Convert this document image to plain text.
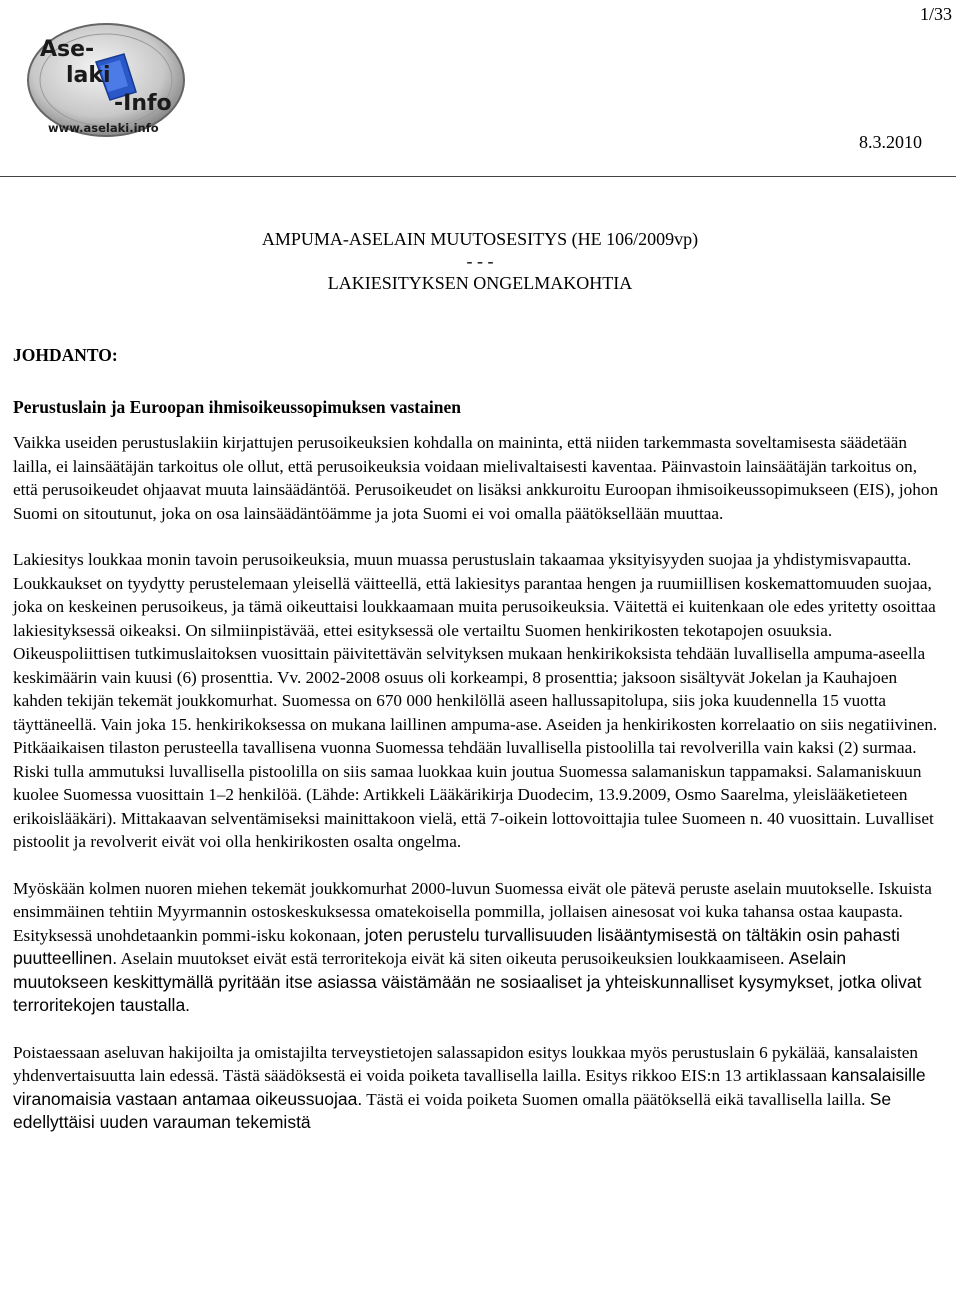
1/33
Ase-
laki
-Info
www.aselaki.info
8.3.2010
AMPUMA-ASELAIN MUUTOSESITYS (HE 106/2009vp)
- - -
LAKIESITYKSEN ONGELMAKOHTIA
JOHDANTO:
Perustuslain ja Euroopan ihmisoikeussopimuksen vastainen

Vaikka useiden perustuslakiin kirjattujen perusoikeuksien kohdalla on maininta, että niiden tarkemmasta soveltamisesta säädetään lailla, ei lainsäätäjän tarkoitus ole ollut, että perusoikeuksia voidaan mielivaltaisesti kaventaa. Päinvastoin lainsäätäjän tarkoitus on, että perusoikeudet ohjaavat muuta lainsäädäntöä. Perusoikeudet on lisäksi ankkuroitu Euroopan ihmisoikeussopimukseen (EIS), johon Suomi on sitoutunut, joka on osa lainsäädäntöämme ja jota Suomi ei voi omalla päätöksellään muuttaa.

Lakiesitys loukkaa monin tavoin perusoikeuksia, muun muassa perustuslain takaamaa yksityisyyden suojaa ja yhdistymisvapautta. Loukkaukset on tyydytty perustelemaan yleisellä väitteellä, että lakiesitys parantaa hengen ja ruumiillisen koskemattomuuden suojaa, joka on keskeinen perusoikeus, ja tämä oikeuttaisi loukkaamaan muita perusoikeuksia. Väitettä ei kuitenkaan ole edes yritetty osoittaa lakiesityksessä oikeaksi. On silmiinpistävää, ettei esityksessä ole vertailtu Suomen henkirikosten tekotapojen osuuksia. Oikeuspoliittisen tutkimuslaitoksen vuosittain päivitettävän selvityksen mukaan henkirikoksista tehdään luvallisella ampuma-aseella keskimäärin vain kuusi (6) prosenttia. Vv. 2002-2008 osuus oli korkeampi, 8 prosenttia; jaksoon sisältyvät Jokelan ja Kauhajoen kahden tekijän tekemät joukkomurhat. Suomessa on 670 000 henkilöllä aseen hallussapitolupa, siis joka kuudennella 15 vuotta täyttäneellä. Vain joka 15. henkirikoksessa on mukana laillinen ampuma-ase. Aseiden ja henkirikosten korrelaatio on siis negatiivinen. Pitkäaikaisen tilaston perusteella tavallisena vuonna Suomessa tehdään luvallisella pistoolilla tai revolverilla vain kaksi (2) surmaa. Riski tulla ammutuksi luvallisella pistoolilla on siis samaa luokkaa kuin joutua Suomessa salamaniskun tappamaksi. Salamaniskuun kuolee Suomessa vuosittain 1–2 henkilöä. (Lähde: Artikkeli Lääkärikirja Duodecim, 13.9.2009, Osmo Saarelma, yleislääketieteen erikoislääkäri). Mittakaavan selventämiseksi mainittakoon vielä, että 7-oikein lottovoittajia tulee Suomeen n. 40 vuosittain. Luvalliset pistoolit ja revolverit eivät voi olla henkirikosten osalta ongelma.

Myöskään kolmen nuoren miehen tekemät joukkomurhat 2000-luvun Suomessa eivät ole pätevä peruste aselain muutokselle. Iskuista ensimmäinen tehtiin Myyrmannin ostoskeskuksessa omatekoisella pommilla, jollaisen ainesosat voi kuka tahansa ostaa kaupasta. Esityksessä unohdetaankin pommi-isku kokonaan, joten perustelu turvallisuuden lisääntymisestä on tältäkin osin pahasti puutteellinen. Aselain muutokset eivät estä terroritekoja eivät kä siten oikeuta perusoikeuksien loukkaamiseen. Aselain muutokseen keskittymällä pyritään itse asiassa väistämään ne sosiaaliset ja yhteiskunnalliset kysymykset, jotka olivat terroritekojen taustalla.

Poistaessaan aseluvan hakijoilta ja omistajilta terveystietojen salassapidon esitys loukkaa myös perustuslain 6 pykälää, kansalaisten yhdenvertaisuutta lain edessä. Tästä säädöksestä ei voida poiketa tavallisella lailla. Esitys rikkoo EIS:n 13 artiklassaan kansalaisille viranomaisia vastaan antamaa oikeussuojaa. Tästä ei voida poiketa Suomen omalla päätöksellä eikä tavallisella lailla. Se edellyttäisi uuden varauman tekemistä
